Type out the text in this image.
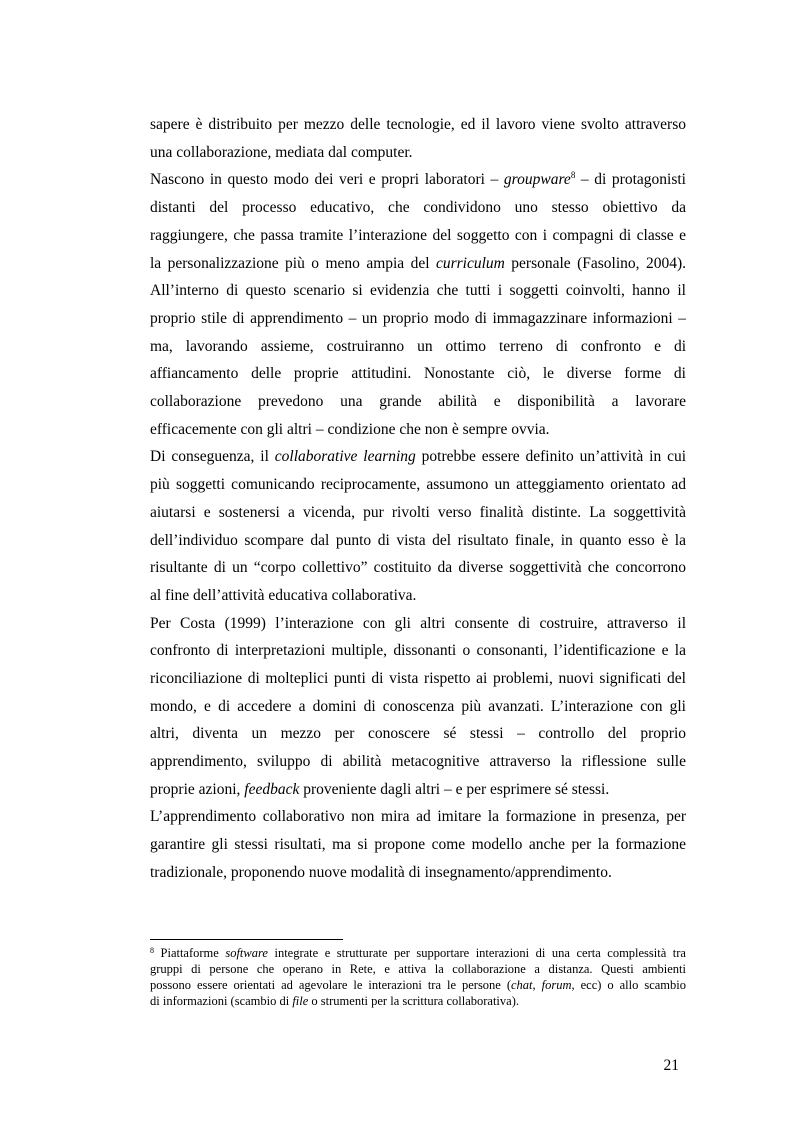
sapere è distribuito per mezzo delle tecnologie, ed il lavoro viene svolto attraverso
una collaborazione, mediata dal computer.
Nascono in questo modo dei veri e propri laboratori – groupware$^8$ – di protagonisti
distanti del processo educativo, che condividono uno stesso obiettivo da
raggiungere, che passa tramite l’interazione del soggetto con i compagni di classe e
la personalizzazione più o meno ampia del curriculum personale (Fasolino, 2004).
All’interno di questo scenario si evidenzia che tutti i soggetti coinvolti, hanno il
proprio stile di apprendimento – un proprio modo di immagazzinare informazioni –
ma, lavorando assieme, costruiranno un ottimo terreno di confronto e di
affiancamento delle proprie attitudini. Nonostante ciò, le diverse forme di
collaborazione prevedono una grande abilità e disponibilità a lavorare
efficacemente con gli altri – condizione che non è sempre ovvia.
Di conseguenza, il collaborative learning potrebbe essere definito un’attività in cui
più soggetti comunicando reciprocamente, assumono un atteggiamento orientato ad
aiutarsi e sostenersi a vicenda, pur rivolti verso finalità distinte. La soggettività
dell’individuo scompare dal punto di vista del risultato finale, in quanto esso è la
risultante di un “corpo collettivo” costituito da diverse soggettività che concorrono
al fine dell’attività educativa collaborativa.
Per Costa (1999) l’interazione con gli altri consente di costruire, attraverso il
confronto di interpretazioni multiple, dissonanti o consonanti, l’identificazione e la
riconciliazione di molteplici punti di vista rispetto ai problemi, nuovi significati del
mondo, e di accedere a domini di conoscenza più avanzati. L’interazione con gli
altri, diventa un mezzo per conoscere sé stessi – controllo del proprio
apprendimento, sviluppo di abilità metacognitive attraverso la riflessione sulle
proprie azioni, feedback proveniente dagli altri – e per esprimere sé stessi.
L’apprendimento collaborativo non mira ad imitare la formazione in presenza, per
garantire gli stessi risultati, ma si propone come modello anche per la formazione
tradizionale, proponendo nuove modalità di insegnamento/apprendimento.
$^8$ Piattaforme software integrate e strutturate per supportare interazioni di una certa complessità tra
gruppi di persone che operano in Rete, e attiva la collaborazione a distanza. Questi ambienti
possono essere orientati ad agevolare le interazioni tra le persone (chat, forum, ecc) o allo scambio
di informazioni (scambio di file o strumenti per la scrittura collaborativa).
21
